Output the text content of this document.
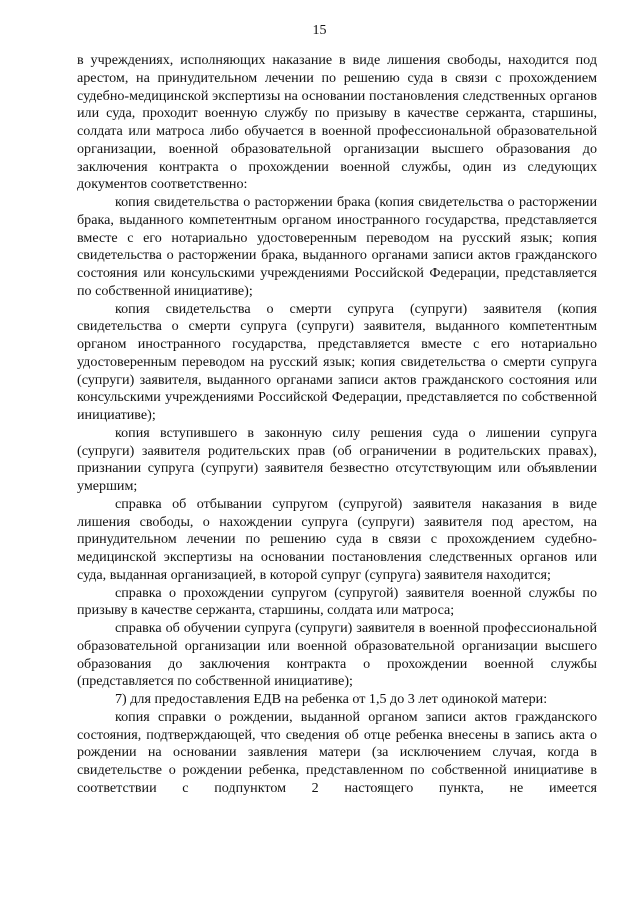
15

в учреждениях, исполняющих наказание в виде лишения свободы, находится под арестом, на принудительном лечении по решению суда в связи с прохождением судебно-медицинской экспертизы на основании постановления следственных органов или суда, проходит военную службу по призыву в качестве сержанта, старшины, солдата или матроса либо обучается в военной профессиональной образовательной организации, военной образовательной организации высшего образования до заключения контракта о прохождении военной службы, один из следующих документов соответственно:

копия свидетельства о расторжении брака (копия свидетельства о расторжении брака, выданного компетентным органом иностранного государства, представляется вместе с его нотариально удостоверенным переводом на русский язык; копия свидетельства о расторжении брака, выданного органами записи актов гражданского состояния или консульскими учреждениями Российской Федерации, представляется по собственной инициативе);

копия свидетельства о смерти супруга (супруги) заявителя (копия свидетельства о смерти супруга (супруги) заявителя, выданного компетентным органом иностранного государства, представляется вместе с его нотариально удостоверенным переводом на русский язык; копия свидетельства о смерти супруга (супруги) заявителя, выданного органами записи актов гражданского состояния или консульскими учреждениями Российской Федерации, представляется по собственной инициативе);

копия вступившего в законную силу решения суда о лишении супруга (супруги) заявителя родительских прав (об ограничении в родительских правах), признании супруга (супруги) заявителя безвестно отсутствующим или объявлении умершим;

справка об отбывании супругом (супругой) заявителя наказания в виде лишения свободы, о нахождении супруга (супруги) заявителя под арестом, на принудительном лечении по решению суда в связи с прохождением судебно-медицинской экспертизы на основании постановления следственных органов или суда, выданная организацией, в которой супруг (супруга) заявителя находится;

справка о прохождении супругом (супругой) заявителя военной службы по призыву в качестве сержанта, старшины, солдата или матроса;

справка об обучении супруга (супруги) заявителя в военной профессиональной образовательной организации или военной образовательной организации высшего образования до заключения контракта о прохождении военной службы (представляется по собственной инициативе);

7) для предоставления ЕДВ на ребенка от 1,5 до 3 лет одинокой матери:

копия справки о рождении, выданной органом записи актов гражданского состояния, подтверждающей, что сведения об отце ребенка внесены в запись акта о рождении на основании заявления матери (за исключением случая, когда в свидетельстве о рождении ребенка, представленном по собственной инициативе в соответствии с подпунктом 2 настоящего пункта, не имеется
